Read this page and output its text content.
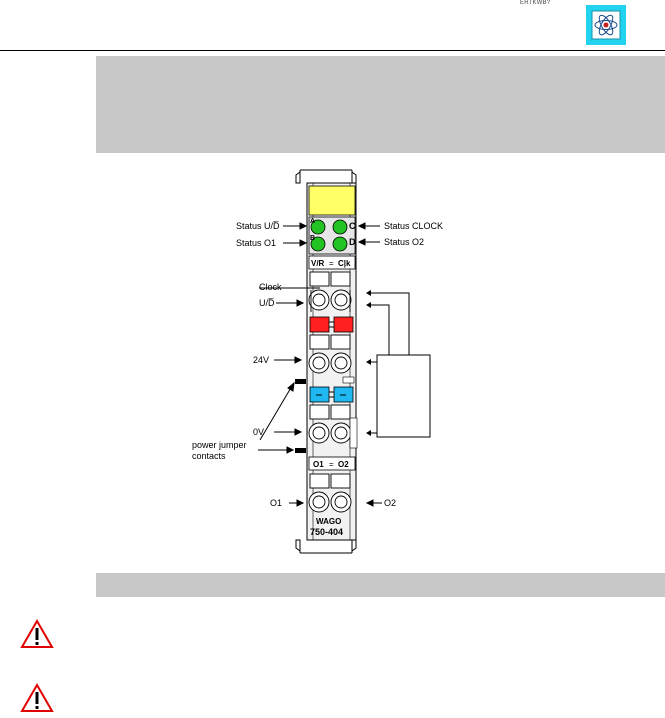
ERTKWB?
A	C
B	D
V/R = C|k
O1 = O2
WAGO
750-404
Status U/D̅
Status O1
Status CLOCK
Status O2
Clock
U/D̅
24V
0V
power jumper
contacts
O1	O2
